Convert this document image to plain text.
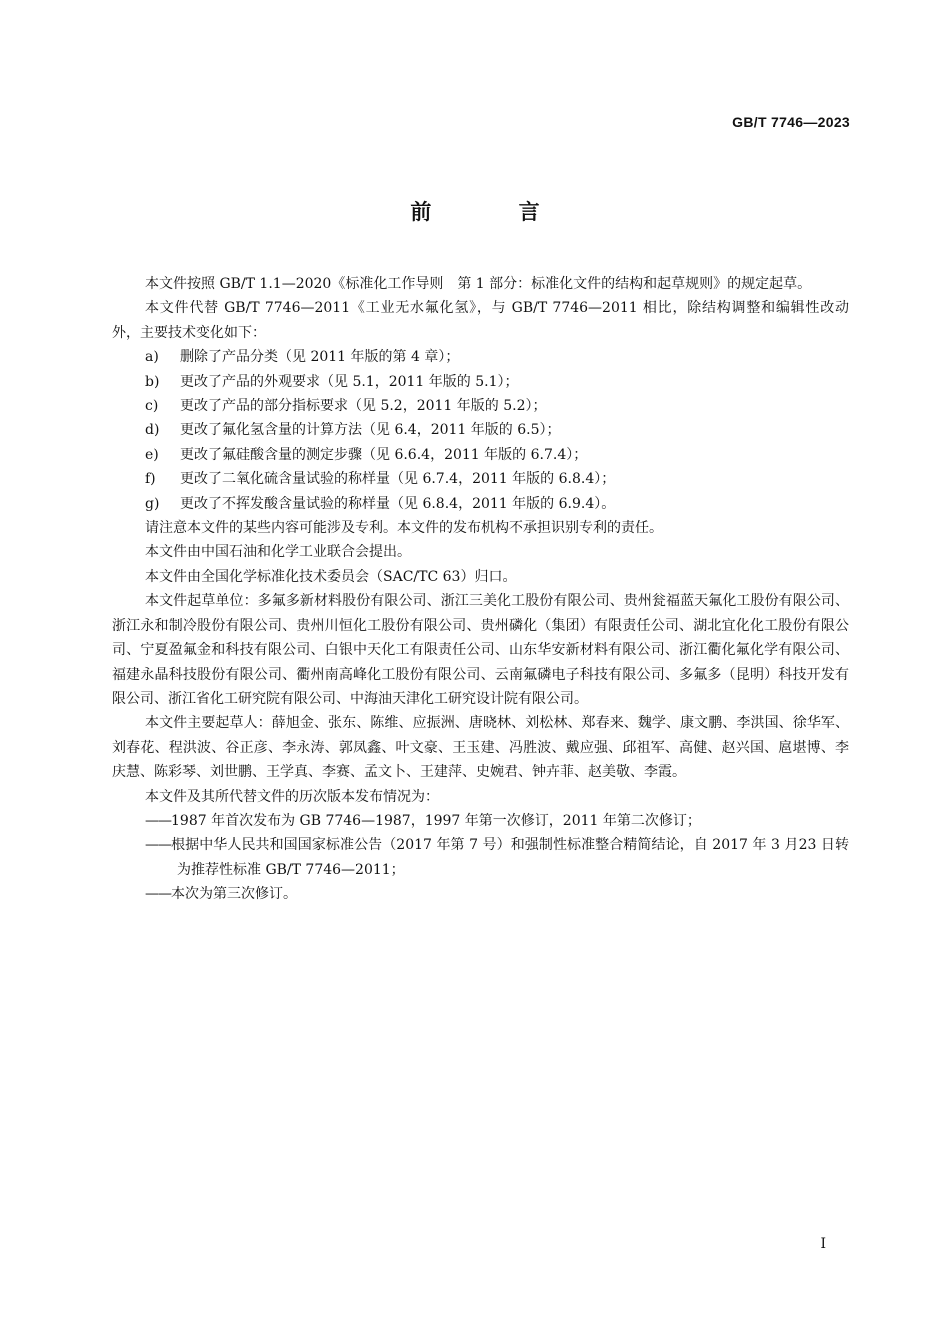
GB/T 7746—2023
前 言

本文件按照 GB/T 1.1—2020《标准化工作导则　第 1 部分：标准化文件的结构和起草规则》的规定起草。

本文件代替 GB/T 7746—2011《工业无水氟化氢》，与 GB/T 7746—2011 相比，除结构调整和编辑性改动外，主要技术变化如下：

a)	删除了产品分类（见 2011 年版的第 4 章）；
b)	更改了产品的外观要求（见 5.1，2011 年版的 5.1）；
c)	更改了产品的部分指标要求（见 5.2，2011 年版的 5.2）；
d)	更改了氟化氢含量的计算方法（见 6.4，2011 年版的 6.5）；
e)	更改了氟硅酸含量的测定步骤（见 6.6.4，2011 年版的 6.7.4）；
f)	更改了二氧化硫含量试验的称样量（见 6.7.4，2011 年版的 6.8.4）；
g)	更改了不挥发酸含量试验的称样量（见 6.8.4，2011 年版的 6.9.4）。

请注意本文件的某些内容可能涉及专利。本文件的发布机构不承担识别专利的责任。

本文件由中国石油和化学工业联合会提出。

本文件由全国化学标准化技术委员会（SAC/TC 63）归口。

本文件起草单位：多氟多新材料股份有限公司、浙江三美化工股份有限公司、贵州瓮福蓝天氟化工股份有限公司、浙江永和制冷股份有限公司、贵州川恒化工股份有限公司、贵州磷化（集团）有限责任公司、湖北宜化化工股份有限公司、宁夏盈氟金和科技有限公司、白银中天化工有限责任公司、山东华安新材料有限公司、浙江衢化氟化学有限公司、福建永晶科技股份有限公司、衢州南高峰化工股份有限公司、云南氟磷电子科技有限公司、多氟多（昆明）科技开发有限公司、浙江省化工研究院有限公司、中海油天津化工研究设计院有限公司。

本文件主要起草人：薛旭金、张东、陈维、应振洲、唐晓林、刘松林、郑春来、魏学、康文鹏、李洪国、徐华军、刘春花、程洪波、谷正彦、李永涛、郭凤鑫、叶文豪、王玉建、冯胜波、戴应强、邱祖军、高健、赵兴国、扈堪博、李庆慧、陈彩琴、刘世鹏、王学真、李赛、孟文卜、王建萍、史婉君、钟卉菲、赵美敬、李霞。

本文件及其所代替文件的历次版本发布情况为：

——1987 年首次发布为 GB 7746—1987，1997 年第一次修订，2011 年第二次修订；

——根据中华人民共和国国家标准公告（2017 年第 7 号）和强制性标准整合精简结论，自 2017 年 3 月23 日转为推荐性标准 GB/T 7746—2011；

——本次为第三次修订。

I
